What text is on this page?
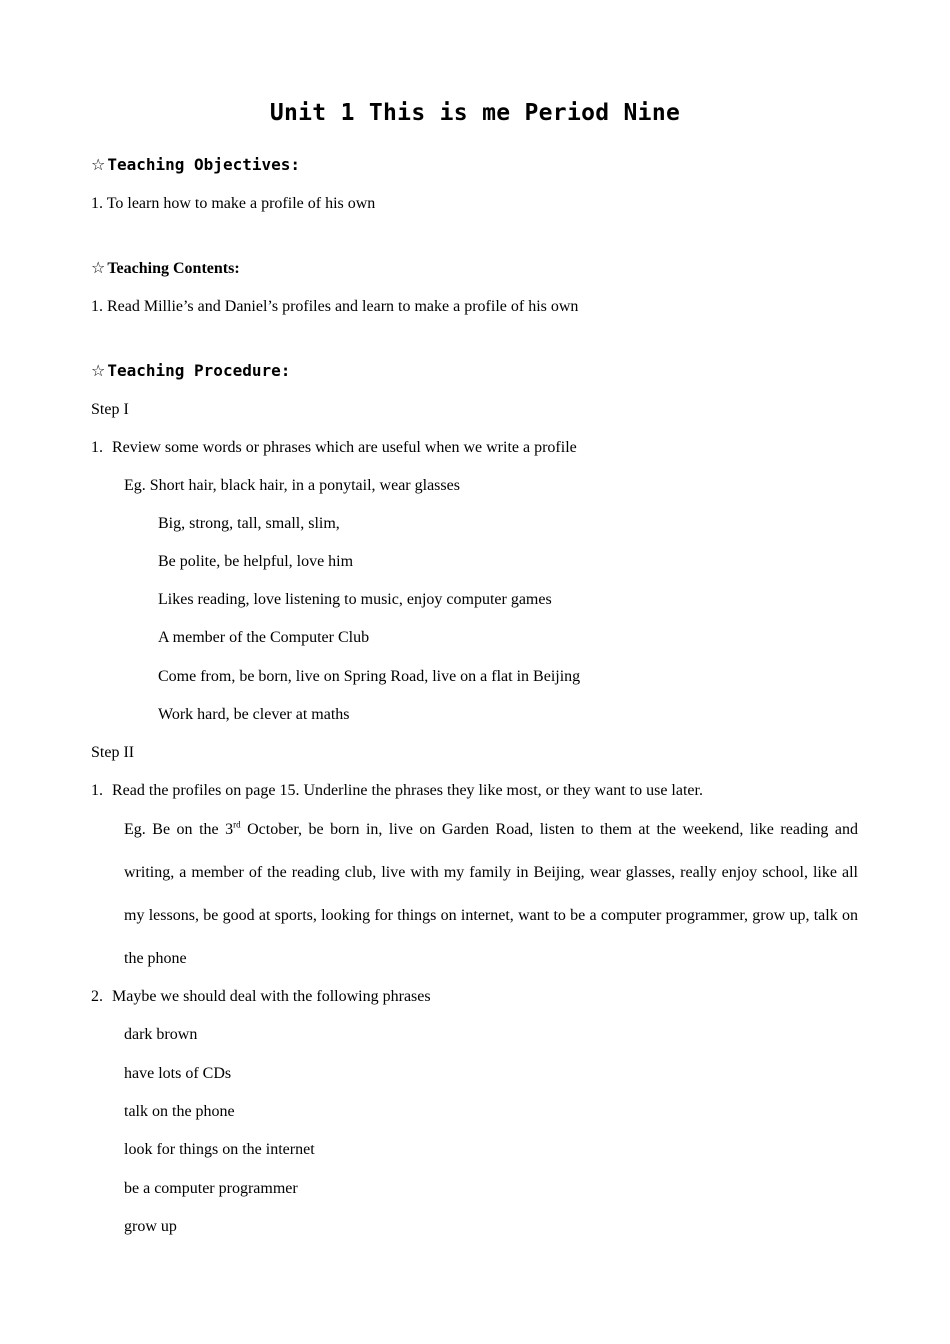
Unit 1 This is me Period Nine
☆ Teaching Objectives:
1. To learn how to make a profile of his own
☆ Teaching Contents:
1. Read Millie’s and Daniel’s profiles and learn to make a profile of his own
☆ Teaching Procedure:
Step I
1. Review some words or phrases which are useful when we write a profile
Eg. Short hair, black hair, in a ponytail, wear glasses
Big, strong, tall, small, slim,
Be polite, be helpful, love him
Likes reading, love listening to music, enjoy computer games
A member of the Computer Club
Come from, be born, live on Spring Road, live on a flat in Beijing
Work hard, be clever at maths
Step II
1. Read the profiles on page 15. Underline the phrases they like most, or they want to use later.
Eg. Be on the 3rd October, be born in, live on Garden Road, listen to them at the weekend, like reading and writing, a member of the reading club, live with my family in Beijing, wear glasses, really enjoy school, like all my lessons, be good at sports, looking for things on internet, want to be a computer programmer, grow up, talk on the phone
2. Maybe we should deal with the following phrases
dark brown
have lots of CDs
talk on the phone
look for things on the internet
be a computer programmer
grow up
